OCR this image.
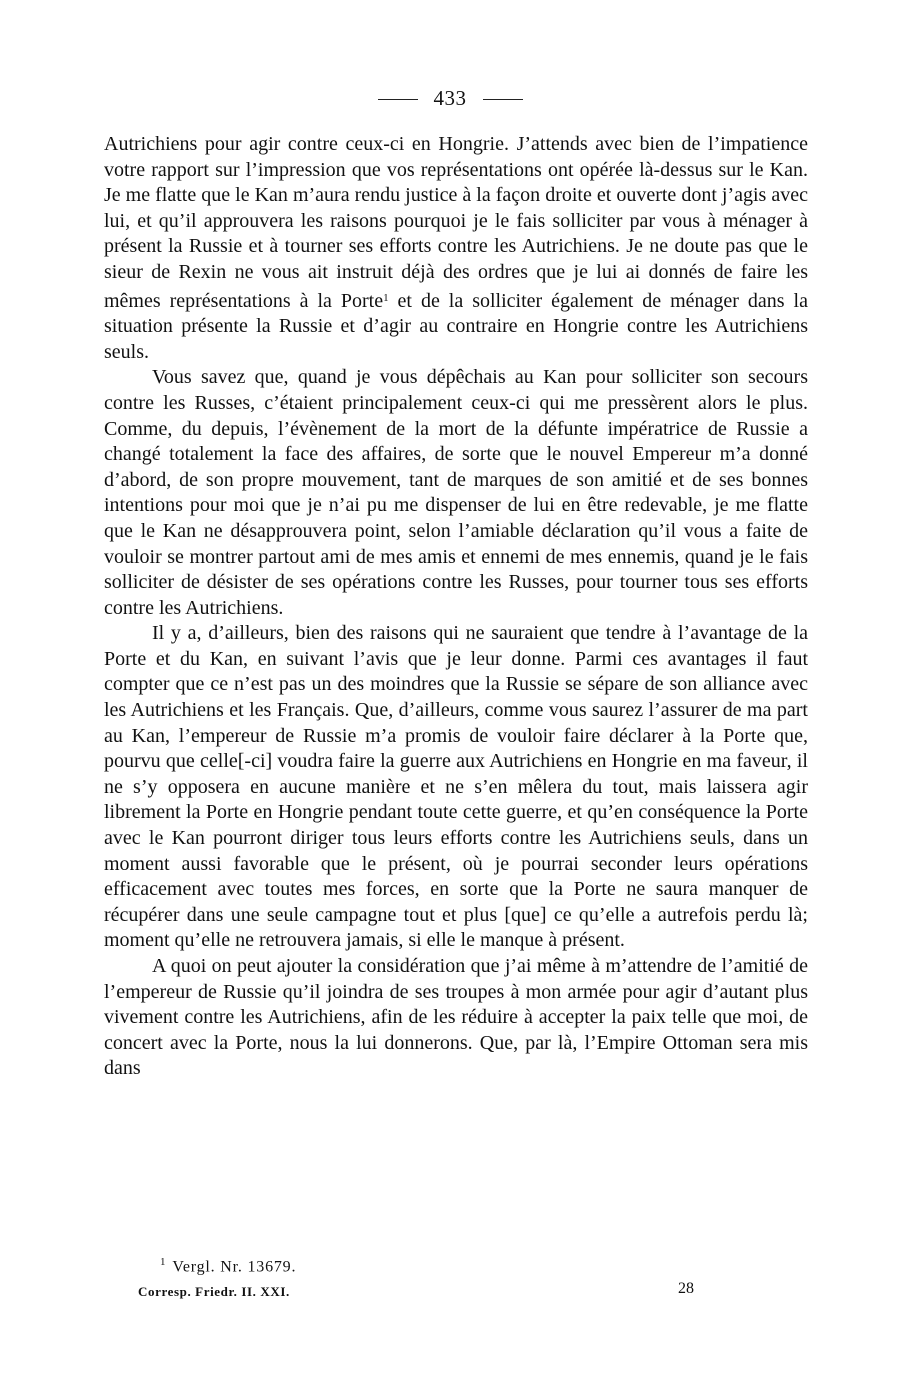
433

Autrichiens pour agir contre ceux-ci en Hongrie. J’attends avec bien de l’impatience votre rapport sur l’impression que vos représentations ont opérée là-dessus sur le Kan. Je me flatte que le Kan m’aura rendu justice à la façon droite et ouverte dont j’agis avec lui, et qu’il approuvera les raisons pourquoi je le fais solliciter par vous à ménager à présent la Russie et à tourner ses efforts contre les Autrichiens. Je ne doute pas que le sieur de Rexin ne vous ait instruit déjà des ordres que je lui ai donnés de faire les mêmes représentations à la Porte$^1$ et de la solliciter également de ménager dans la situation présente la Russie et d’agir au contraire en Hongrie contre les Autrichiens seuls.

Vous savez que, quand je vous dépêchais au Kan pour solliciter son secours contre les Russes, c’étaient principalement ceux-ci qui me pressèrent alors le plus. Comme, du depuis, l’évènement de la mort de la défunte impératrice de Russie a changé totalement la face des affaires, de sorte que le nouvel Empereur m’a donné d’abord, de son propre mouvement, tant de marques de son amitié et de ses bonnes intentions pour moi que je n’ai pu me dispenser de lui en être redevable, je me flatte que le Kan ne désapprouvera point, selon l’amiable déclaration qu’il vous a faite de vouloir se montrer partout ami de mes amis et ennemi de mes ennemis, quand je le fais solliciter de désister de ses opérations contre les Russes, pour tourner tous ses efforts contre les Autrichiens.

Il y a, d’ailleurs, bien des raisons qui ne sauraient que tendre à l’avantage de la Porte et du Kan, en suivant l’avis que je leur donne. Parmi ces avantages il faut compter que ce n’est pas un des moindres que la Russie se sépare de son alliance avec les Autrichiens et les Français. Que, d’ailleurs, comme vous saurez l’assurer de ma part au Kan, l’empereur de Russie m’a promis de vouloir faire déclarer à la Porte que, pourvu que celle[-ci] voudra faire la guerre aux Autrichiens en Hongrie en ma faveur, il ne s’y opposera en aucune manière et ne s’en mêlera du tout, mais laissera agir librement la Porte en Hongrie pendant toute cette guerre, et qu’en conséquence la Porte avec le Kan pourront diriger tous leurs efforts contre les Autrichiens seuls, dans un moment aussi favorable que le présent, où je pourrai seconder leurs opérations efficacement avec toutes mes forces, en sorte que la Porte ne saura manquer de récupérer dans une seule campagne tout et plus [que] ce qu’elle a autrefois perdu là; moment qu’elle ne retrouvera jamais, si elle le manque à présent.

A quoi on peut ajouter la considération que j’ai même à m’attendre de l’amitié de l’empereur de Russie qu’il joindra de ses troupes à mon armée pour agir d’autant plus vivement contre les Autrichiens, afin de les réduire à accepter la paix telle que moi, de concert avec la Porte, nous la lui donnerons. Que, par là, l’Empire Ottoman sera mis dans

$^1$ Vergl. Nr. 13679.
Corresp. Friedr. II. XXI.	28
